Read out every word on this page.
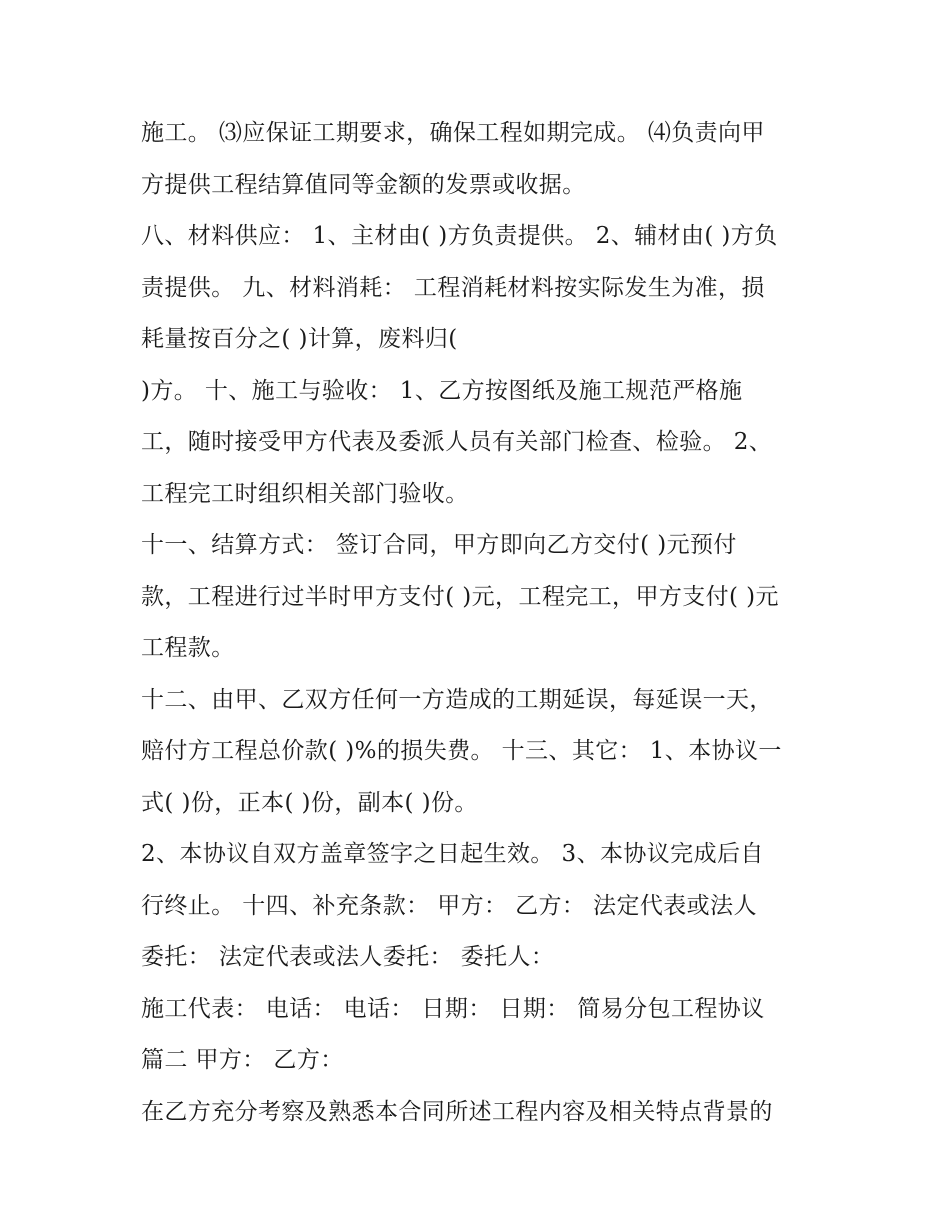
施工。 ⑶应保证工期要求，确保工程如期完成。 ⑷负责向甲
方提供工程结算值同等金额的发票或收据。
八、材料供应： 1、主材由( )方负责提供。 2、辅材由( )方负
责提供。 九、材料消耗： 工程消耗材料按实际发生为准，损
耗量按百分之( )计算，废料归(
)方。 十、施工与验收： 1、乙方按图纸及施工规范严格施
工，随时接受甲方代表及委派人员有关部门检查、检验。 2、
工程完工时组织相关部门验收。
十一、结算方式： 签订合同，甲方即向乙方交付( )元预付
款，工程进行过半时甲方支付( )元，工程完工，甲方支付( )元
工程款。
十二、由甲、乙双方任何一方造成的工期延误，每延误一天，
赔付方工程总价款( )%的损失费。 十三、其它： 1、本协议一
式( )份，正本( )份，副本( )份。
2、本协议自双方盖章签字之日起生效。 3、本协议完成后自
行终止。 十四、补充条款： 甲方： 乙方： 法定代表或法人
委托： 法定代表或法人委托： 委托人：
施工代表： 电话： 电话： 日期： 日期： 简易分包工程协议
篇二 甲方： 乙方：
在乙方充分考察及熟悉本合同所述工程内容及相关特点背景的
